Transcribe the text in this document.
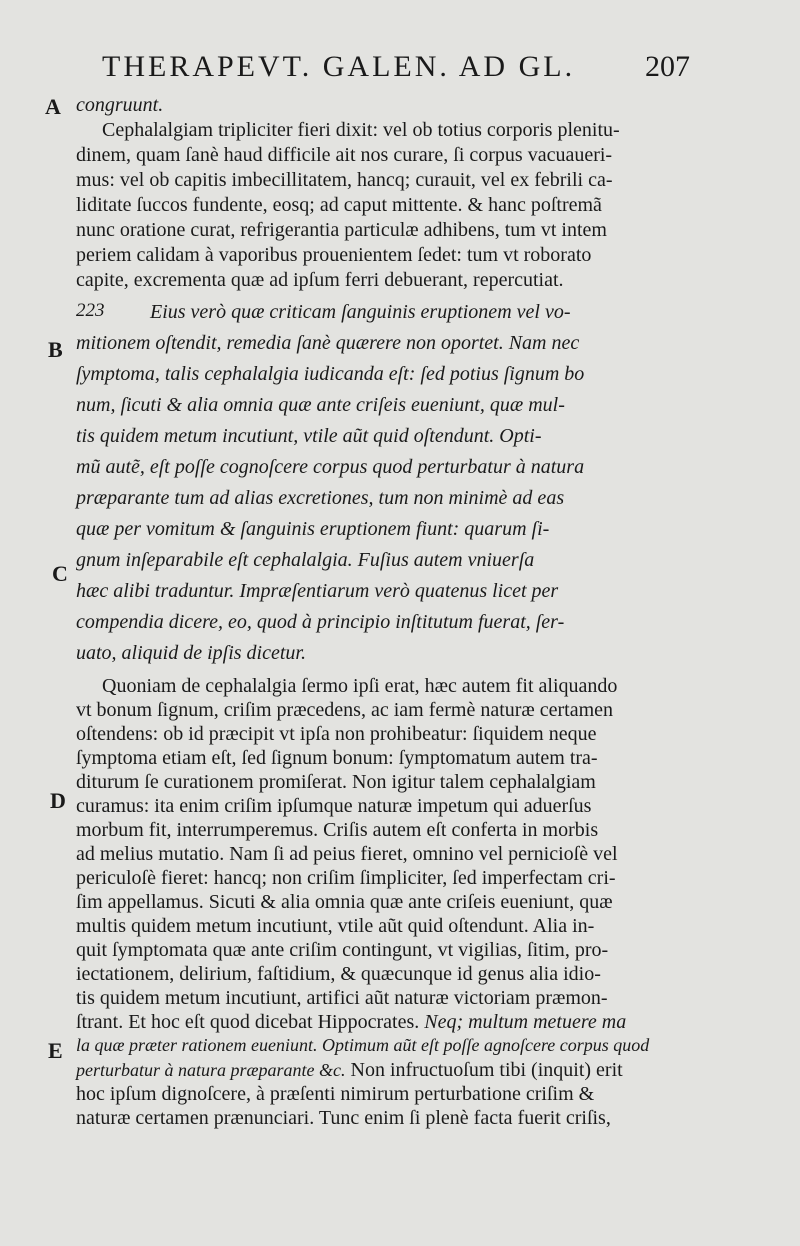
THERAPEVT. GALEN. AD GL. 207
A
B
C
D
E
congruunt.
Cephalalgiam tripliciter fieri dixit: vel ob totius corporis plenitu-
dinem, quam ſanè haud difficile ait nos curare, ſi corpus vacuaueri-
mus: vel ob capitis imbecillitatem, hancq; curauit, vel ex febrili ca-
liditate ſuccos fundente, eosq; ad caput mittente. & hanc poſtremã
nunc oratione curat, refrigerantia particulæ adhibens, tum vt intem
periem calidam à vaporibus prouenientem ſedet: tum vt roborato
capite, excrementa quæ ad ipſum ferri debuerant, repercutiat.
223 Eius verò quæ criticam ſanguinis eruptionem vel vo-
mitionem oſtendit, remedia ſanè quærere non oportet. Nam nec
ſymptoma, talis cephalalgia iudicanda eſt: ſed potius ſignum bo
num, ſicuti & alia omnia quæ ante criſeis eueniunt, quæ mul-
tis quidem metum incutiunt, vtile aũt quid oſtendunt. Opti-
mũ autẽ, eſt poſſe cognoſcere corpus quod perturbatur à natura
præparante tum ad alias excretiones, tum non minimè ad eas
quæ per vomitum & ſanguinis eruptionem fiunt: quarum ſi-
gnum inſeparabile eſt cephalalgia. Fuſius autem vniuerſa
hæc alibi traduntur. Impræſentiarum verò quatenus licet per
compendia dicere, eo, quod à principio inſtitutum fuerat, ſer-
uato, aliquid de ipſis dicetur.
Quoniam de cephalalgia ſermo ipſi erat, hæc autem fit aliquando
vt bonum ſignum, criſim præcedens, ac iam fermè naturæ certamen
oſtendens: ob id præcipit vt ipſa non prohibeatur: ſiquidem neque
ſymptoma etiam eſt, ſed ſignum bonum: ſymptomatum autem tra-
diturum ſe curationem promiſerat. Non igitur talem cephalalgiam
curamus: ita enim criſim ipſumque naturæ impetum qui aduerſus
morbum fit, interrumperemus. Criſis autem eſt conferta in morbis
ad melius mutatio. Nam ſi ad peius fieret, omnino vel pernicioſè vel
periculoſè fieret: hancq; non criſim ſimpliciter, ſed imperfectam cri-
ſim appellamus. Sicuti & alia omnia quæ ante criſeis eueniunt, quæ
multis quidem metum incutiunt, vtile aũt quid oſtendunt. Alia in-
quit ſymptomata quæ ante criſim contingunt, vt vigilias, ſitim, pro-
iectationem, delirium, faſtidium, & quæcunque id genus alia idio-
tis quidem metum incutiunt, artifici aũt naturæ victoriam præmon-
ſtrant. Et hoc eſt quod dicebat Hippocrates. Neq; multum metuere ma
la quæ præter rationem eueniunt. Optimum aũt eſt poſſe agnoſcere corpus quod
perturbatur à natura præparante &c. Non infructuoſum tibi (inquit) erit
hoc ipſum dignoſcere, à præſenti nimirum perturbatione criſim &
naturæ certamen prænunciari. Tunc enim ſi plenè facta fuerit criſis,
